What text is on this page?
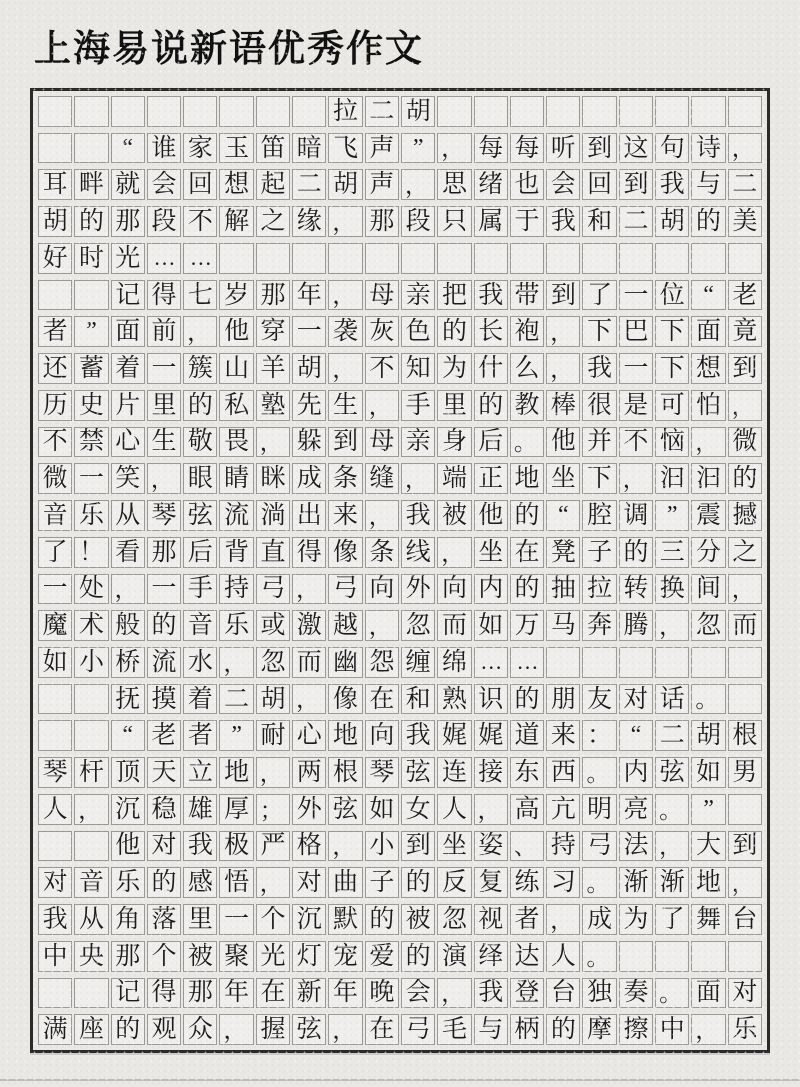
上海易说新语优秀作文
拉 二 胡
“ 谁 家 玉 笛 暗 飞 声 ” ， 每 每 听 到 这 句 诗 ，
耳 畔 就 会 回 想 起 二 胡 声 ， 思 绪 也 会 回 到 我 与 二
胡 的 那 段 不 解 之 缘 ， 那 段 只 属 于 我 和 二 胡 的 美
好 时 光 … …
记 得 七 岁 那 年 ， 母 亲 把 我 带 到 了 一 位 “ 老
者 ” 面 前 ， 他 穿 一 袭 灰 色 的 长 袍 ， 下 巴 下 面 竟
还 蓄 着 一 簇 山 羊 胡 ， 不 知 为 什 么 ， 我 一 下 想 到
历 史 片 里 的 私 塾 先 生 ， 手 里 的 教 棒 很 是 可 怕 ，
不 禁 心 生 敬 畏 ， 躲 到 母 亲 身 后 。 他 并 不 恼 ， 微
微 一 笑 ， 眼 睛 眯 成 条 缝 ， 端 正 地 坐 下 ， 汩 汩 的
音 乐 从 琴 弦 流 淌 出 来 ， 我 被 他 的 “ 腔 调 ” 震 撼
了 ！ 看 那 后 背 直 得 像 条 线 ， 坐 在 凳 子 的 三 分 之
一 处 ， 一 手 持 弓 ， 弓 向 外 向 内 的 抽 拉 转 换 间 ，
魔 术 般 的 音 乐 或 激 越 ， 忽 而 如 万 马 奔 腾 ， 忽 而
如 小 桥 流 水 ， 忽 而 幽 怨 缠 绵 … …
抚 摸 着 二 胡 ， 像 在 和 熟 识 的 朋 友 对 话 。
“ 老 者 ” 耐 心 地 向 我 娓 娓 道 来 ： “ 二 胡 根
琴 杆 顶 天 立 地 ， 两 根 琴 弦 连 接 东 西 。 内 弦 如 男
人 ， 沉 稳 雄 厚 ； 外 弦 如 女 人 ， 高 亢 明 亮 。 ”
他 对 我 极 严 格 ， 小 到 坐 姿 、 持 弓 法 ， 大 到
对 音 乐 的 感 悟 ， 对 曲 子 的 反 复 练 习 。 渐 渐 地 ，
我 从 角 落 里 一 个 沉 默 的 被 忽 视 者 ， 成 为 了 舞 台
中 央 那 个 被 聚 光 灯 宠 爱 的 演 绎 达 人 。
记 得 那 年 在 新 年 晚 会 ， 我 登 台 独 奏 。 面 对
满 座 的 观 众 ， 握 弦 ， 在 弓 毛 与 柄 的 摩 擦 中 ， 乐
